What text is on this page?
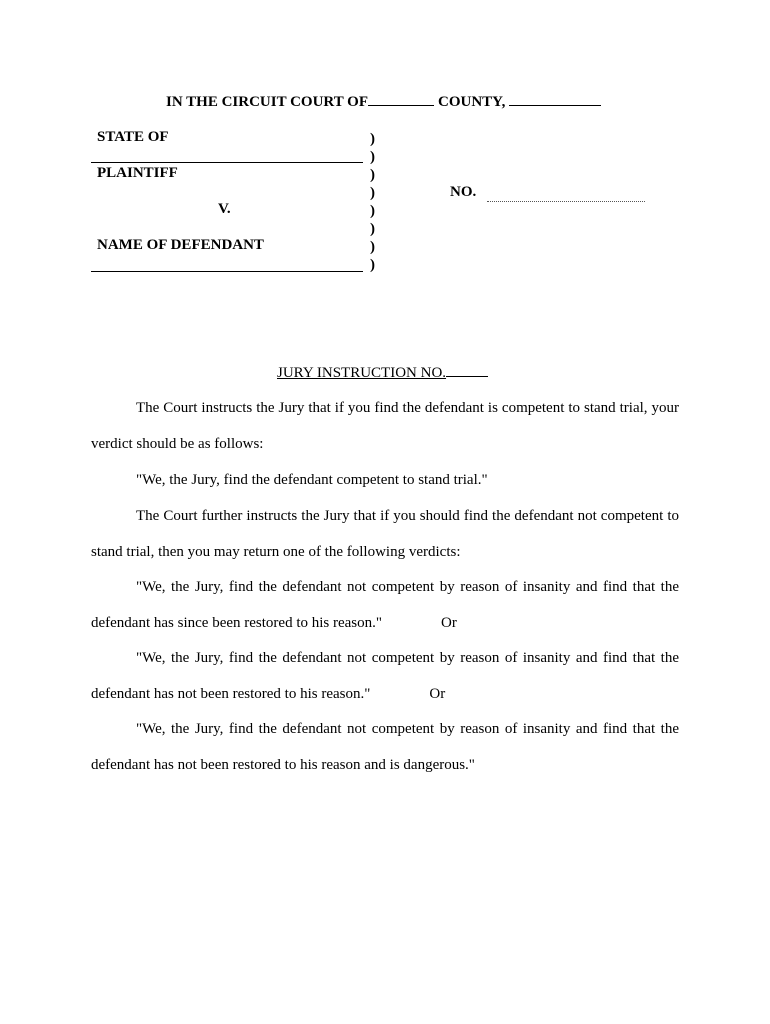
IN THE CIRCUIT COURT OF	COUNTY,
STATE OF
PLAINTIFF
V.
NAME OF DEFENDANT
)
)
)
)
)
)
)
)
NO.
JURY INSTRUCTION NO.

The Court instructs the Jury that if you find the defendant is competent to stand trial, your verdict should be as follows:

"We, the Jury, find the defendant competent to stand trial."

The Court further instructs the Jury that if you should find the defendant not competent to stand trial, then you may return one of the following verdicts:

"We, the Jury, find the defendant not competent by reason of insanity and find that the defendant has since been restored to his reason."	Or

"We, the Jury, find the defendant not competent by reason of insanity and find that the defendant has not been restored to his reason."	Or

"We, the Jury, find the defendant not competent by reason of insanity and find that the defendant has not been restored to his reason and is dangerous."
